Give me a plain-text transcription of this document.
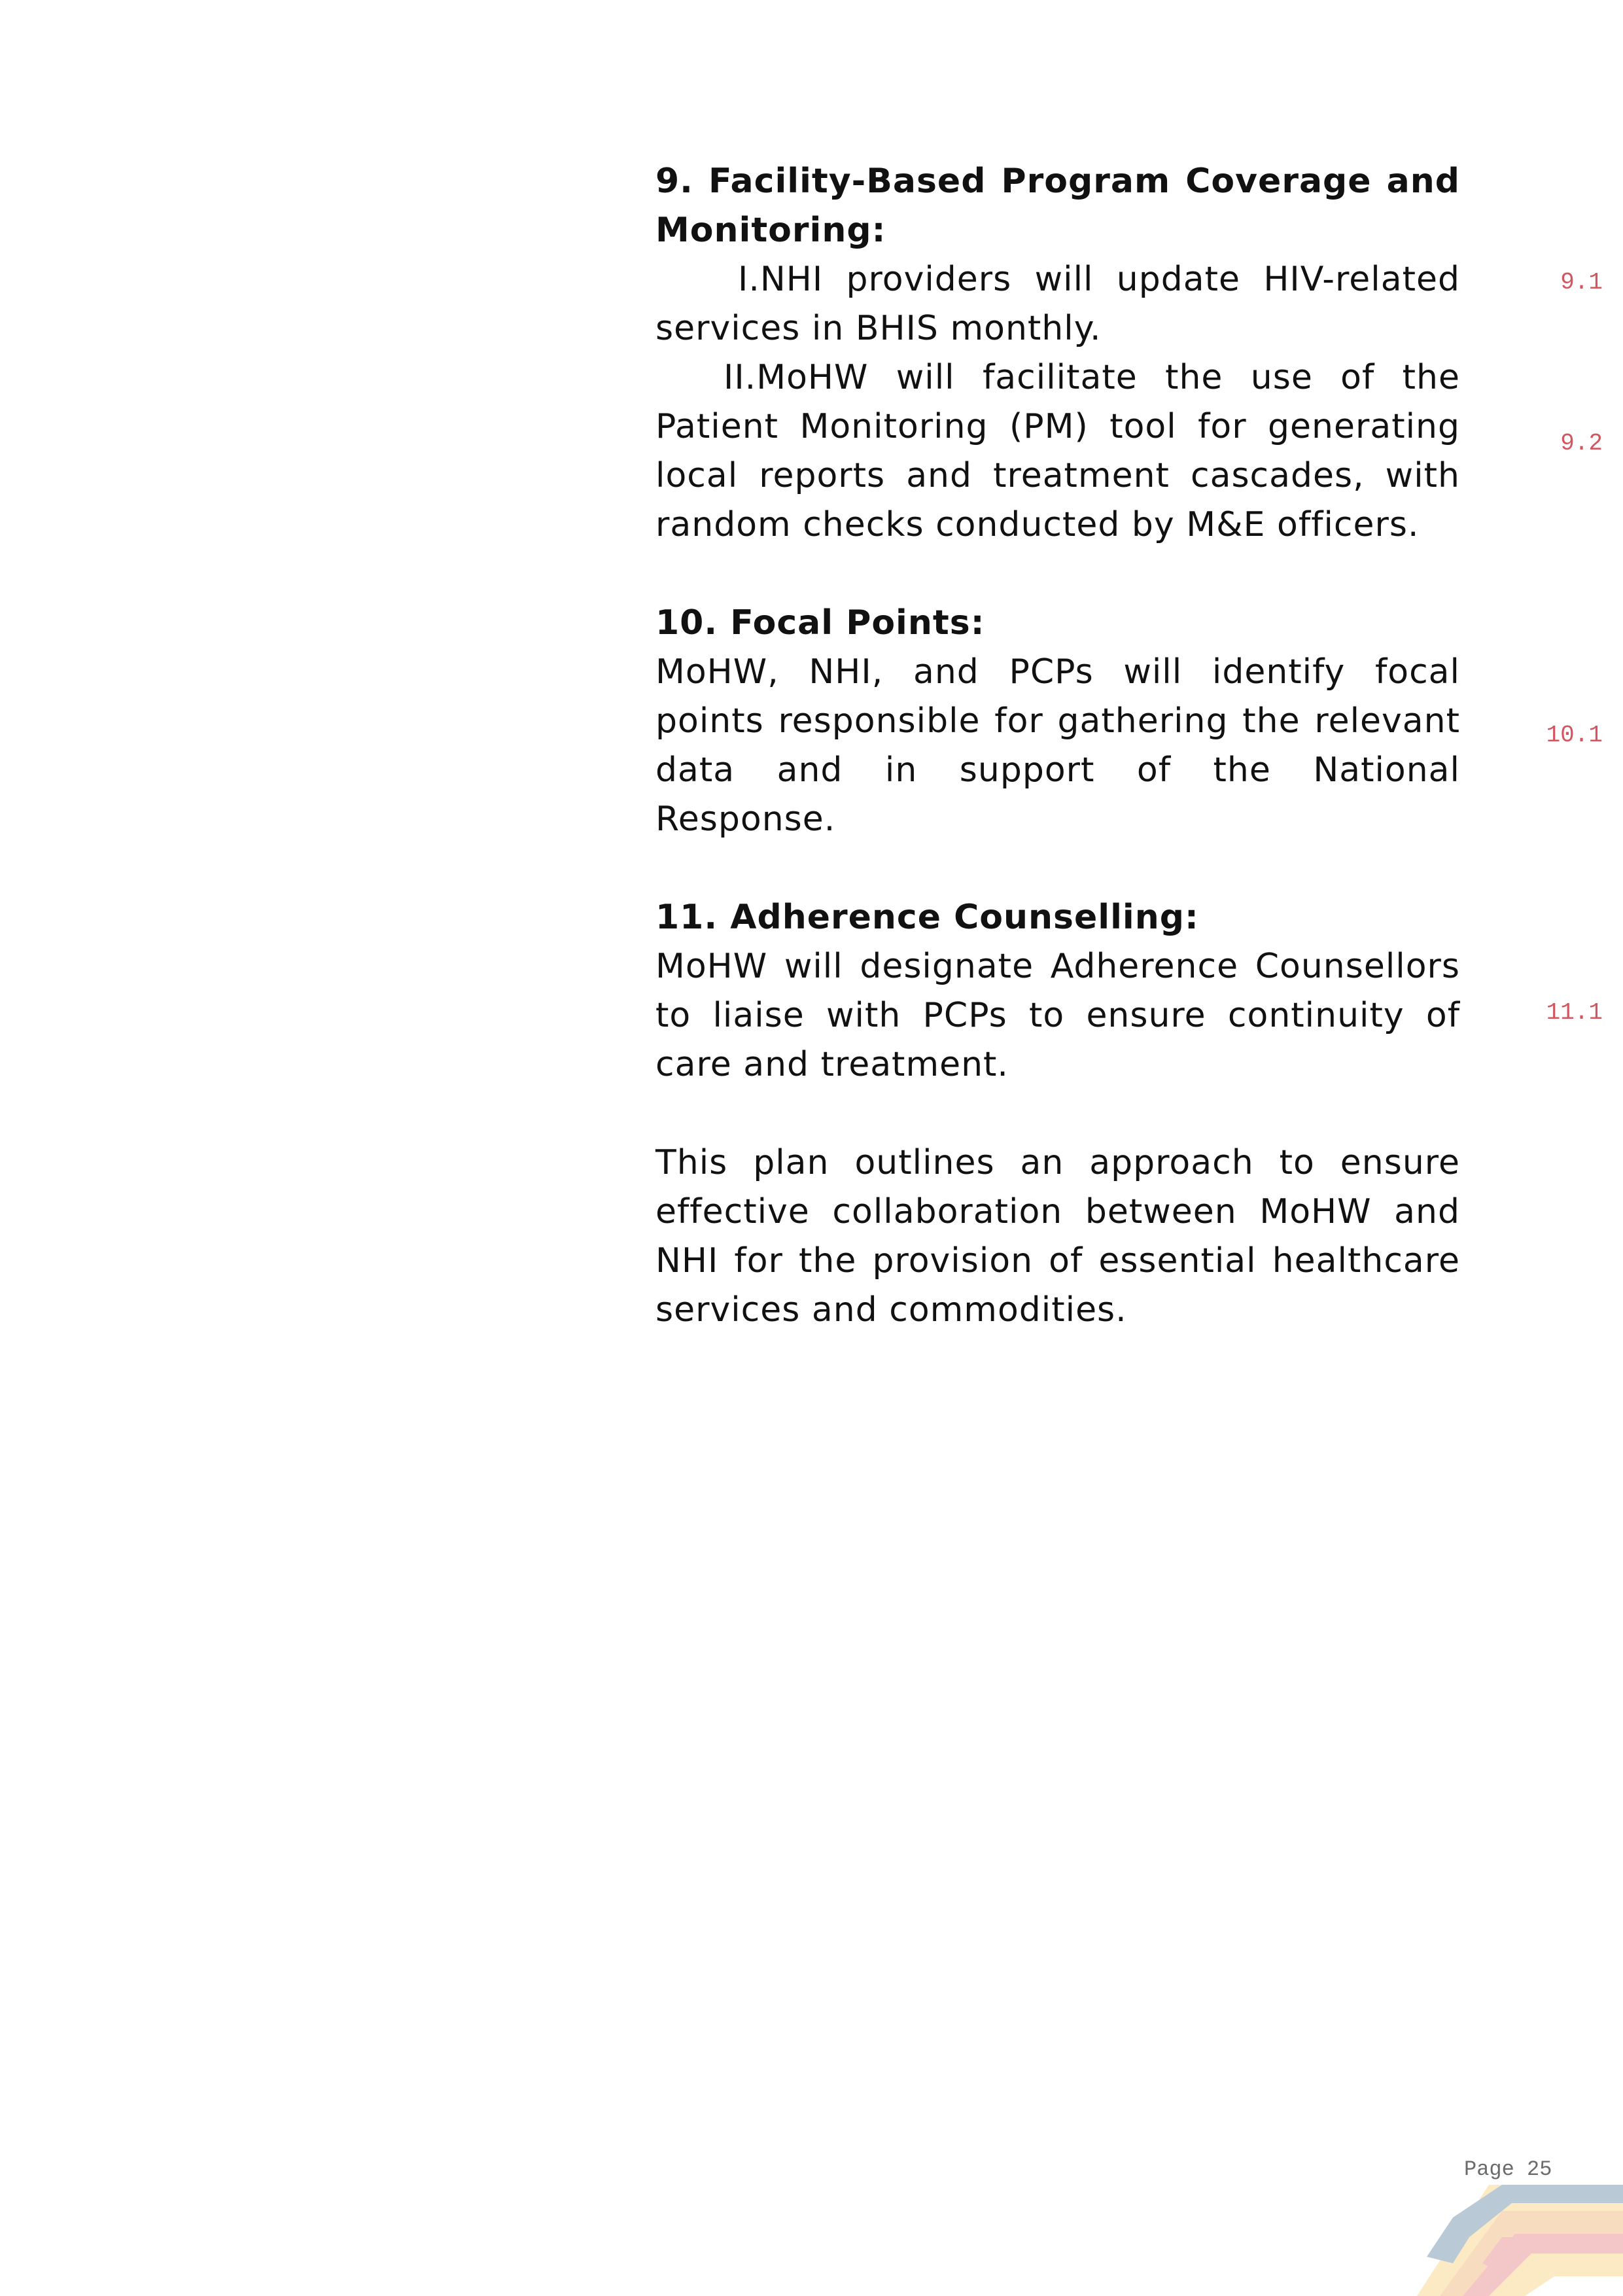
9. Facility-Based Program Coverage and Monitoring:

I.NHI providers will update HIV-related services in BHIS monthly.

II.MoHW will facilitate the use of the Patient Monitoring (PM) tool for generating local reports and treatment cascades, with random checks conducted by M&E officers.

10. Focal Points:

MoHW, NHI, and PCPs will identify focal points responsible for gathering the relevant data and in support of the National Response.

11. Adherence Counselling:

MoHW will designate Adherence Counsellors to liaise with PCPs to ensure continuity of care and treatment.

This plan outlines an approach to ensure effective collaboration between MoHW and NHI for the provision of essential healthcare services and commodities.

9.1
9.2
10.1
11.1
Page 25
